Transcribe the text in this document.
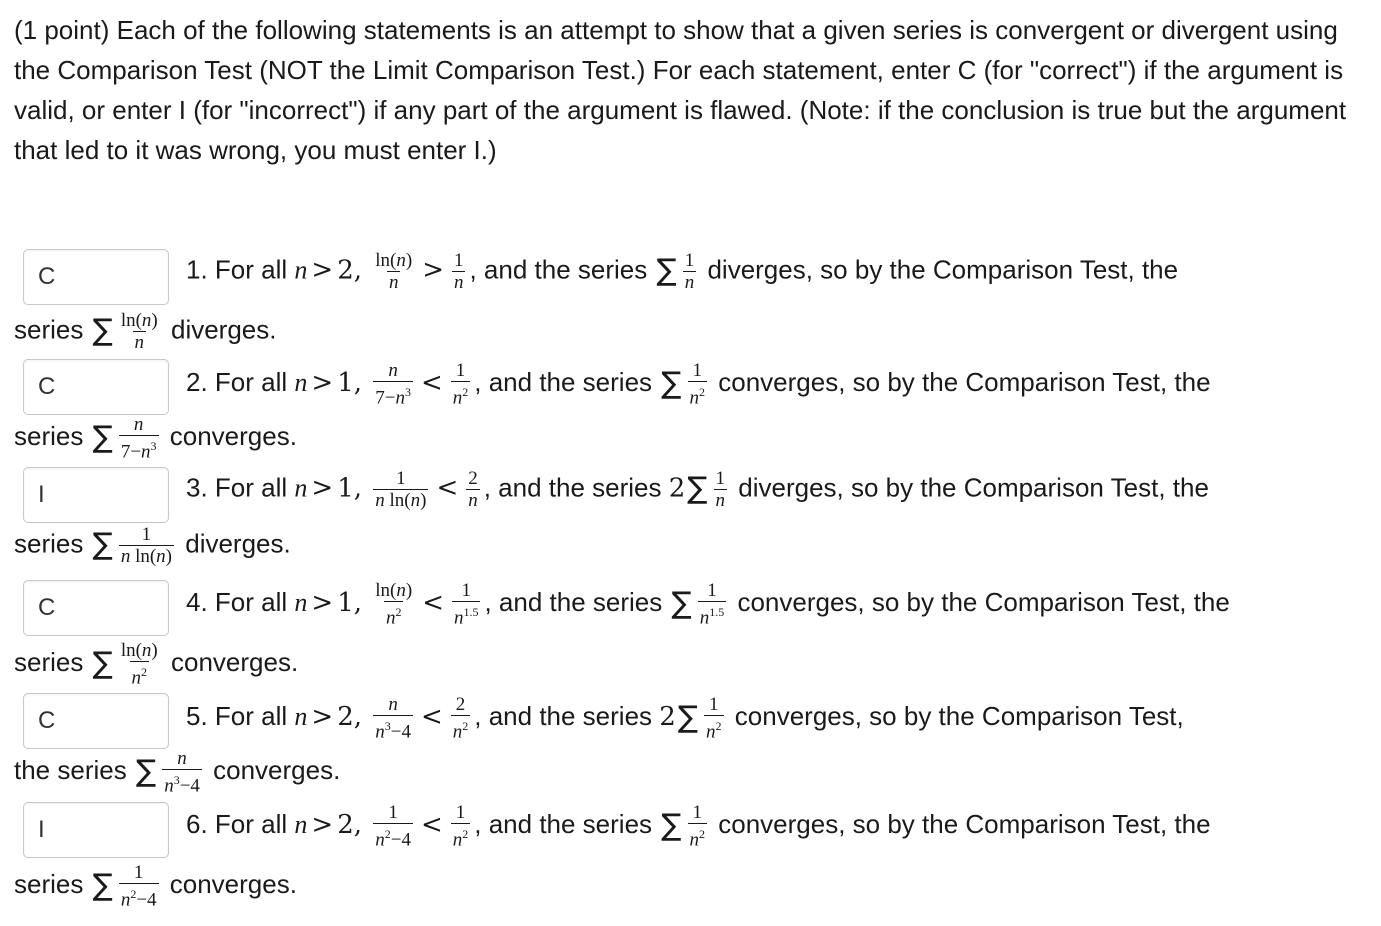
(1 point) Each of the following statements is an attempt to show that a given series is convergent or divergent using the Comparison Test (NOT the Limit Comparison Test.) For each statement, enter C (for "correct") if the argument is valid, or enter I (for "incorrect") if any part of the argument is flawed. (Note: if the conclusion is true but the argument that led to it was wrong, you must enter I.)
C
1. For all n > 2, $\frac{\ln(n)}{n} > \frac{1}{n}$ , and the series ∑ $\frac{1}{n}$ diverges, so by the Comparison Test, the
series ∑ $\frac{\ln(n)}{n}$ diverges.
C
2. For all n > 1, $\frac{n}{7-n^3} < \frac{1}{n^2}$ , and the series ∑ $\frac{1}{n^2}$ converges, so by the Comparison Test, the
series ∑ $\frac{n}{7-n^3}$ converges.
I
3. For all n > 1, $\frac{1}{\text{n ln(n)}} < \frac{2}{n}$ , and the series $2\sum \frac{1}{n}$ diverges, so by the Comparison Test, the
series ∑ $\frac{1}{\text{n ln(n)}}$ diverges.
C
4. For all n > 1, $\frac{\ln(n)}{n^2} < \frac{1}{n^{1.5}}$ , and the series ∑ $\frac{1}{n^{1.5}}$ converges, so by the Comparison Test, the
series ∑ $\frac{\ln(n)}{n^2}$ converges.
C
5. For all n > 2, $\frac{n}{n^3-4} < \frac{2}{n^2}$ , and the series $2\sum \frac{1}{n^2}$ converges, so by the Comparison Test,
the series ∑ $\frac{n}{n^3-4}$ converges.
I
6. For all n > 2, $\frac{1}{n^2-4} < \frac{1}{n^2}$ , and the series ∑ $\frac{1}{n^2}$ converges, so by the Comparison Test, the
series ∑ $\frac{1}{n^2-4}$ converges.
